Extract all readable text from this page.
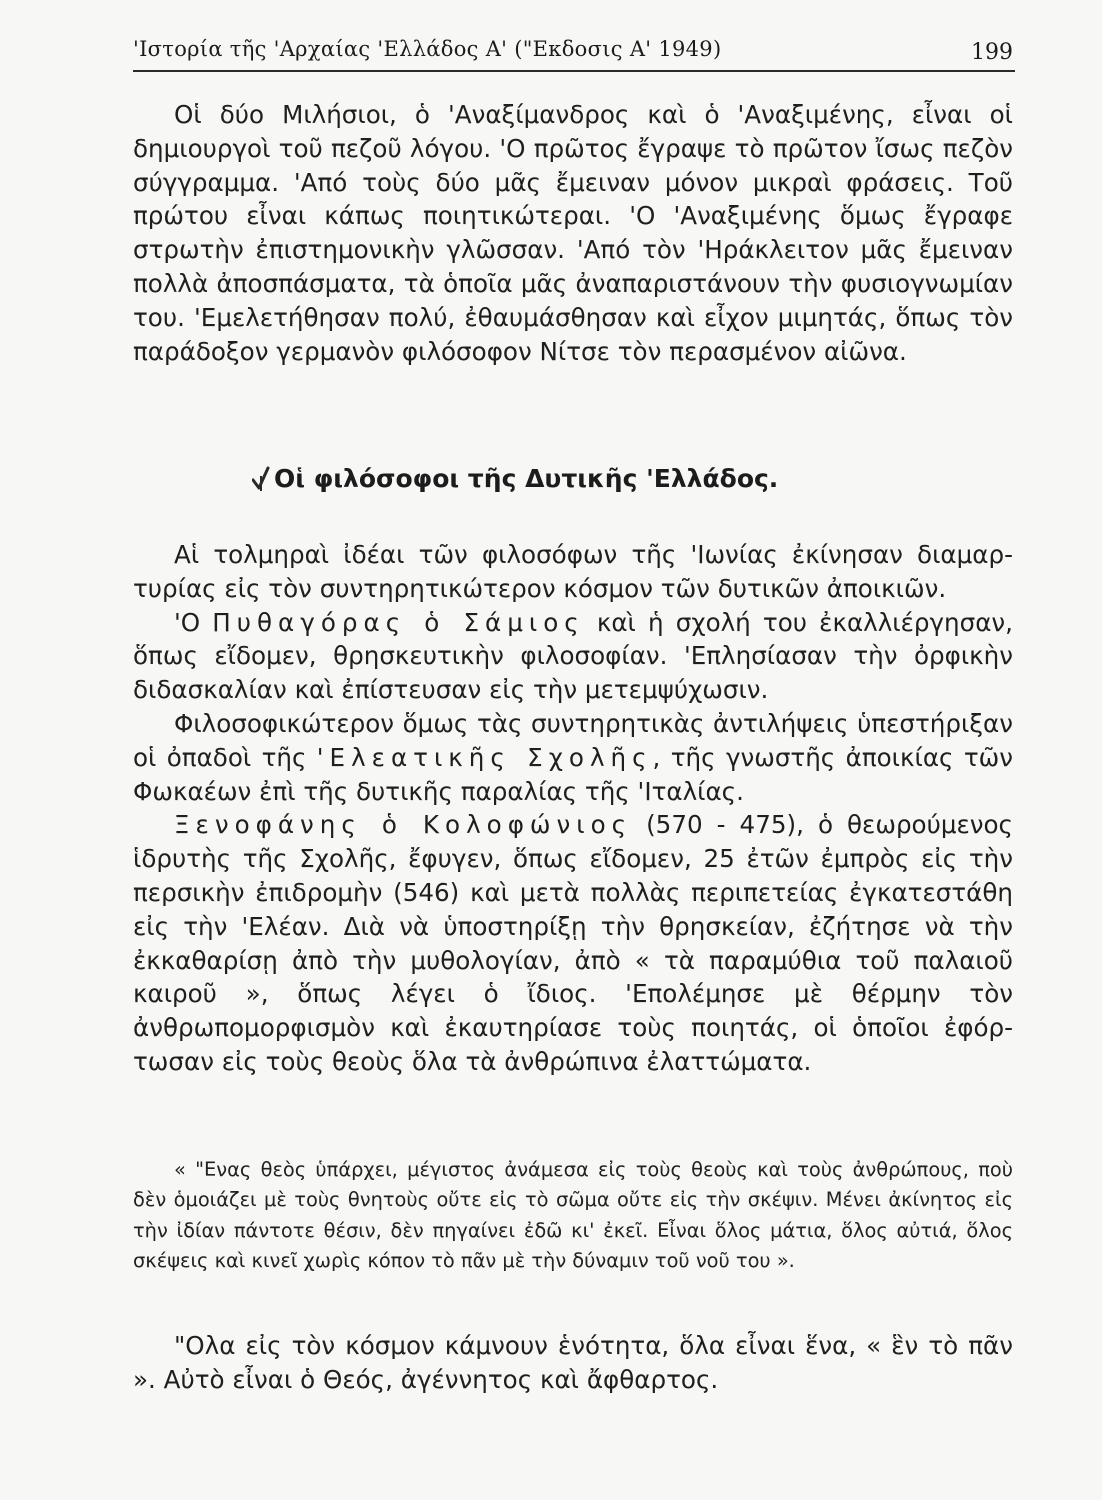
'Ιστορία τῆς 'Αρχαίας 'Ελλάδος Α' ("Εκδοσις Α' 1949)	199

Οἱ δύο Μιλήσιοι, ὁ 'Αναξίμανδρος καὶ ὁ 'Αναξιμένης, εἶναι οἱ δημιουργοὶ τοῦ πεζοῦ λόγου. 'Ο πρῶτος ἔγραψε τὸ πρῶτον ἴσως πεζὸν σύγγραμμα. 'Από τοὺς δύο μᾶς ἔμειναν μόνον μικραὶ φράσεις. Τοῦ πρώτου εἶναι κάπως ποιητικώτεραι. 'Ο 'Αναξιμένης ὅμως ἔγραφε στρωτὴν ἐπιστημονικὴν γλῶσσαν. 'Από τὸν 'Ηράκλειτον μᾶς ἔμειναν πολλὰ ἀποσπάσματα, τὰ ὁποῖα μᾶς ἀναπαριστάνουν τὴν φυσιογνωμίαν του. 'Εμελετήθησαν πολύ, ἐθαυμάσθησαν καὶ εἶχον μιμητάς, ὅπως τὸν παράδοξον γερμανὸν φιλόσοφον Νίτσε τὸν περασμένον αἰῶνα.

Οἱ φιλόσοφοι τῆς Δυτικῆς 'Ελλάδος.

Αἱ τολμηραὶ ἰδέαι τῶν φιλοσόφων τῆς 'Ιωνίας ἐκίνησαν διαμαρτυρίας εἰς τὸν συντηρητικώτερον κόσμον τῶν δυτικῶν ἀποικιῶν.

'Ο Πυθαγόρας ὁ Σάμιος καὶ ἡ σχολή του ἐκαλλιέργησαν, ὅπως εἴδομεν, θρησκευτικὴν φιλοσοφίαν. 'Επλησίασαν τὴν ὀρφικὴν διδασκαλίαν καὶ ἐπίστευσαν εἰς τὴν μετεμψύχωσιν.

Φιλοσοφικώτερον ὅμως τὰς συντηρητικὰς ἀντιλήψεις ὑπεστήριξαν οἱ ὀπαδοὶ τῆς 'Ελεατικῆς Σχολῆς, τῆς γνωστῆς ἀποικίας τῶν Φωκαέων ἐπὶ τῆς δυτικῆς παραλίας τῆς 'Ιταλίας.

Ξενοφάνης ὁ Κολοφώνιος (570 - 475), ὁ θεωρούμενος ἱδρυτὴς τῆς Σχολῆς, ἔφυγεν, ὅπως εἴδομεν, 25 ἐτῶν ἐμπρὸς εἰς τὴν περσικὴν ἐπιδρομὴν (546) καὶ μετὰ πολλὰς περιπετείας ἐγκατεστάθη εἰς τὴν 'Ελέαν. Διὰ νὰ ὑποστηρίξῃ τὴν θρησκείαν, ἐζήτησε νὰ τὴν ἐκκαθαρίσῃ ἀπὸ τὴν μυθολογίαν, ἀπὸ « τὰ παραμύθια τοῦ παλαιοῦ καιροῦ », ὅπως λέγει ὁ ἴδιος. 'Επολέμησε μὲ θέρμην τὸν ἀνθρωπομορφισμὸν καὶ ἐκαυτηρίασε τοὺς ποιητάς, οἱ ὁποῖοι ἐφόρτωσαν εἰς τοὺς θεοὺς ὅλα τὰ ἀνθρώπινα ἐλαττώματα.

« "Ενας θεὸς ὑπάρχει, μέγιστος ἀνάμεσα εἰς τοὺς θεοὺς καὶ τοὺς ἀνθρώπους, ποὺ δὲν ὁμοιάζει μὲ τοὺς θνητοὺς οὔτε εἰς τὸ σῶμα οὔτε εἰς τὴν σκέψιν. Μένει ἀκίνητος εἰς τὴν ἰδίαν πάντοτε θέσιν, δὲν πηγαίνει ἐδῶ κι' ἐκεῖ. Εἶναι ὅλος μάτια, ὅλος αὐτιά, ὅλος σκέψεις καὶ κινεῖ χωρὶς κόπον τὸ πᾶν μὲ τὴν δύναμιν τοῦ νοῦ του ».

"Ολα εἰς τὸν κόσμον κάμνουν ἑνότητα, ὅλα εἶναι ἕνα, « ἓν τὸ πᾶν ». Αὐτὸ εἶναι ὁ Θεός, ἀγέννητος καὶ ἄφθαρτος.
